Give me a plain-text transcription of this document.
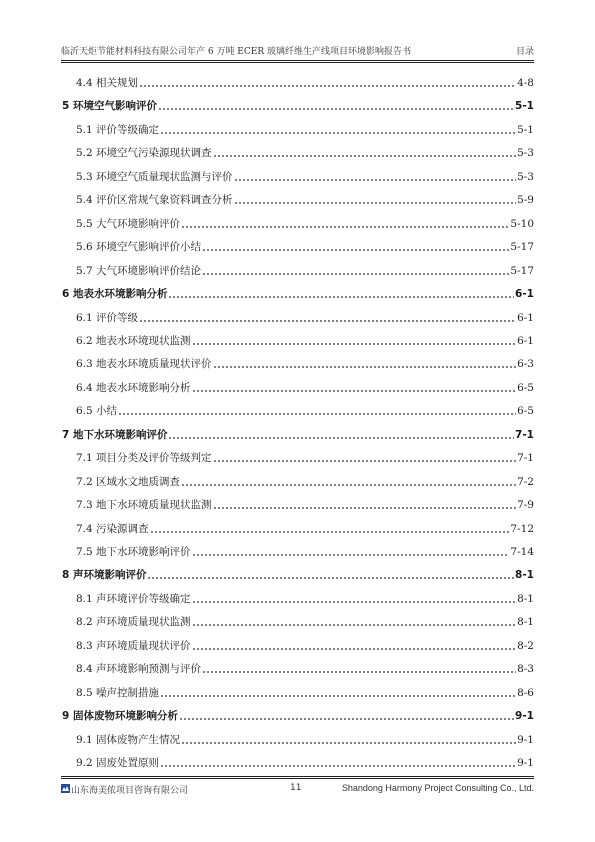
临沂天炬节能材料科技有限公司年产 6 万吨 ECER 玻璃纤维生产线项目环境影响报告书	目录
4.4 相关规划	4-8
5 环境空气影响评价	5-1
5.1 评价等级确定	5-1
5.2 环境空气污染源现状调查	5-3
5.3 环境空气质量现状监测与评价	5-3
5.4 评价区常规气象资料调查分析	5-9
5.5 大气环境影响评价	5-10
5.6 环境空气影响评价小结	5-17
5.7 大气环境影响评价结论	5-17
6 地表水环境影响分析	6-1
6.1 评价等级	6-1
6.2 地表水环境现状监测	6-1
6.3 地表水环境质量现状评价	6-3
6.4 地表水环境影响分析	6-5
6.5 小结	6-5
7 地下水环境影响评价	7-1
7.1 项目分类及评价等级判定	7-1
7.2 区域水文地质调查	7-2
7.3 地下水环境质量现状监测	7-9
7.4 污染源调查	7-12
7.5 地下水环境影响评价	7-14
8 声环境影响评价	8-1
8.1 声环境评价等级确定	8-1
8.2 声环境质量现状监测	8-1
8.3 声环境质量现状评价	8-2
8.4 声环境影响预测与评价	8-3
8.5 噪声控制措施	8-6
9 固体废物环境影响分析	9-1
9.1 固体废物产生情况	9-1
9.2 固废处置原则	9-1
山东海美侬项目咨询有限公司	11	Shandong Harmony Project Consulting Co., Ltd.
